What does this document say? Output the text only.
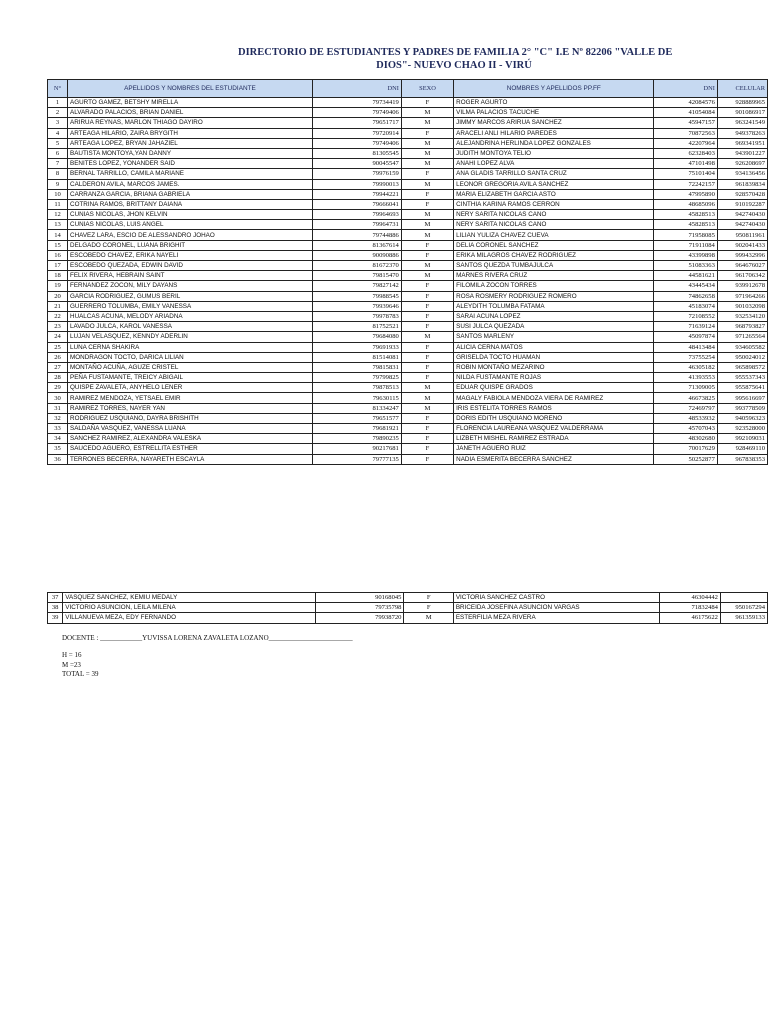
DIRECTORIO DE ESTUDIANTES Y PADRES DE FAMILIA 2° "C" I.E Nº 82206 "VALLE DE
DIOS"- NUEVO CHAO II - VIRÚ
N°	APELLIDOS Y NOMBRES DEL ESTUDIANTE	DNI	SEXO	NOMBRES Y APELLIDOS PP.FF	DNI	CELULAR
1	AGURTO GAMEZ, BETSHY MIRELLA	79734419	F	ROGER AGURTO	42084576	928889965
2	ALVARADO PALACIOS, BRIAN DANIEL	79749406	M	VILMA PALACIOS TACUCHE	41054084	901086917
3	ARIRUA REYNAS, MARLON THIAGO DAYIRO	79651717	M	JIMMY MARCOS ARIRUA SANCHEZ	45947157	963241549
4	ARTEAGA HILARIO, ZAIRA BRYGITH	79720914	F	ARACELI ANLI HILARIO PAREDES	70872563	949378263
5	ARTEAGA LOPEZ, BRYAN JAHAZIEL	79749406	M	ALEJANDRINA HERLINDA LOPEZ GONZALES	42207964	969341951
6	BAUTISTA MONTOYA,YAN DANNY	81305545	M	JUDITH MONTOYA TELIO	62328403	943901227
7	BENITES LOPEZ, YONANDER SAID	90045547	M	ANAHI LOPEZ ALVA	47101498	926208697
8	BERNAL TARRILLO, CAMILA MARIANE	79976159	F	ANA GLADIS TARRILLO SANTA CRUZ	75101404	934136456
9	CALDERON AVILA, MARCOS JAMES.	79990013	M	LEONOR GREGORIA AVILA SANCHEZ	72242157	961839834
10	CARRANZA GARCIA, BRIANA GABRIELA	79944221	F	MARIA ELIZABETH GARCIA ASTO	47995890	928570428
11	COTRINA RAMOS, BRITTANY DAIANA	79666041	F	CINTHIA KARINA RAMOS CERRON	48685096	910192287
12	CUNIAS NICOLAS, JHON KELVIN	79964693	M	NERY SARITA NICOLAS CANO	45828513	942740430
13	CUNIAS NICOLAS, LUIS ANGEL	79964731	M	NERY SARITA NICOLAS CANO	45828513	942740430
14	CHAVEZ LARA, ESCIO DE ALESSANDRO JOHAO	79744886	M	LILIAN YULIZA CHAVEZ CUEVA	71958085	950811961
15	DELGADO CORONEL, LUANA BRIGHIT	81367614	F	DELIA CORONEL SANCHEZ	71911084	902041433
16	ESCOBEDO CHAVEZ, ERIKA NAYELI	90090886	F	ERIKA MILAGROS CHAVEZ RODRIGUEZ	43399898	999432996
17	ESCOBEDO QUEZADA, EDWIN DAVID	81672370	M	SANTOS QUEZDA TUMBAJULCA	51083363	964676027
18	FELIX RIVERA, HEBRAIN SAINT	79815470	M	MARNES RIVERA CRUZ	44581621	961706342
19	FERNANDEZ ZOCON, MILY DAYANS	79827142	F	FILOMILA ZOCON TORRES	43445434	939912678
20	GARCIA RODRIGUEZ, GUMUS BERIL	79988545	F	ROSA ROSMERY RODRIGUEZ ROMERO	74862658	971964266
21	GUERRERO TOLUMBA, EMILY VANESSA	79939646	F	ALEYDITH TOLUMBA FATAMA	45183074	901032098
22	HUALCAS ACUNA, MELODY ARIADNA	79978783	F	SARAI ACUNA LOPEZ	72108552	932534120
23	LAVADO JULCA, KAROL VANESSA	81752521	F	SUSI JULCA QUEZADA	71639124	968793827
24	LUJAN VELASQUEZ, KENNDY ADERLIN	79684080	M	SANTOS MARLENY	45097874	971265564
25	LUNA CERNA SHAKIRA	79691933	F	ALICIA CERNA MATOS	48413484	934605582
26	MONDRAGON TOCTO, DARICA LILIAN	81514081	F	GRISELDA TOCTO HUAMAN	73755254	950024012
27	MONTAÑO ACUÑA, AGUZE CRISTEL	79815831	F	ROBIN MONTAÑO MEZARINO	46305182	965898572
28	PEÑA FUSTAMANTE, TREICY ABIGAIL	79799825	F	NILDA FUSTAMANTE ROJAS	41393553	955537343
29	QUISPE ZAVALETA, ANYHELO LENER	79878513	M	EDUAR QUISPE GRADOS	71309005	955875641
30	RAMIREZ MENDOZA, YETSAEL EMIR	79630115	M	MAGALY FABIOLA MENDOZA VIERA DE RAMIREZ	46673825	995616697
31	RAMIREZ TORRES, NAYER YAN	81334247	M	IRIS ESTELITA TORRES RAMOS	72469797	993778509
32	RODRIGUEZ USQUIANO, DAYRA BRISHITH	79651577	F	DORIS EDITH USQUIANO MORENO	48533932	940596323
33	SALDAÑA VASQUEZ, VANESSA LUANA	79681921	F	FLORENCIA LAUREANA VASQUEZ VALDERRAMA	45707043	923528000
34	SANCHEZ RAMIREZ, ALEXANDRA VALESKA	79890235	F	LIZBETH MISHEL RAMIREZ ESTRADA	48302680	992109031
35	SAUCEDO AGUERO, ESTRELLITA ESTHER	90217681	F	JANETH AGUERO RUIZ	70017629	928469110
36	TERRONES BECERRA, NAYARETH ESCAYLA	79777135	F	NADIA ESMERITA BECERRA SANCHEZ	50252877	967838353
37	VASQUEZ SANCHEZ, KEMIU MEDALY	90168045	F	VICTORIA SANCHEZ CASTRO	46304442	
38	VICTORIO ASUNCION, LEILA MILENA	79735798	F	BRICEIDA JOSEFINA ASUNCION VARGAS	71832484	950167294
39	VILLANUEVA MEZA, EDY FERNANDO	79938720	M	ESTERFILIA MEZA RIVERA	46175622	961359133
DOCENTE : ____________YUVISSA LORENA ZAVALETA LOZANO________________________
H = 16
M =23
TOTAL = 39
